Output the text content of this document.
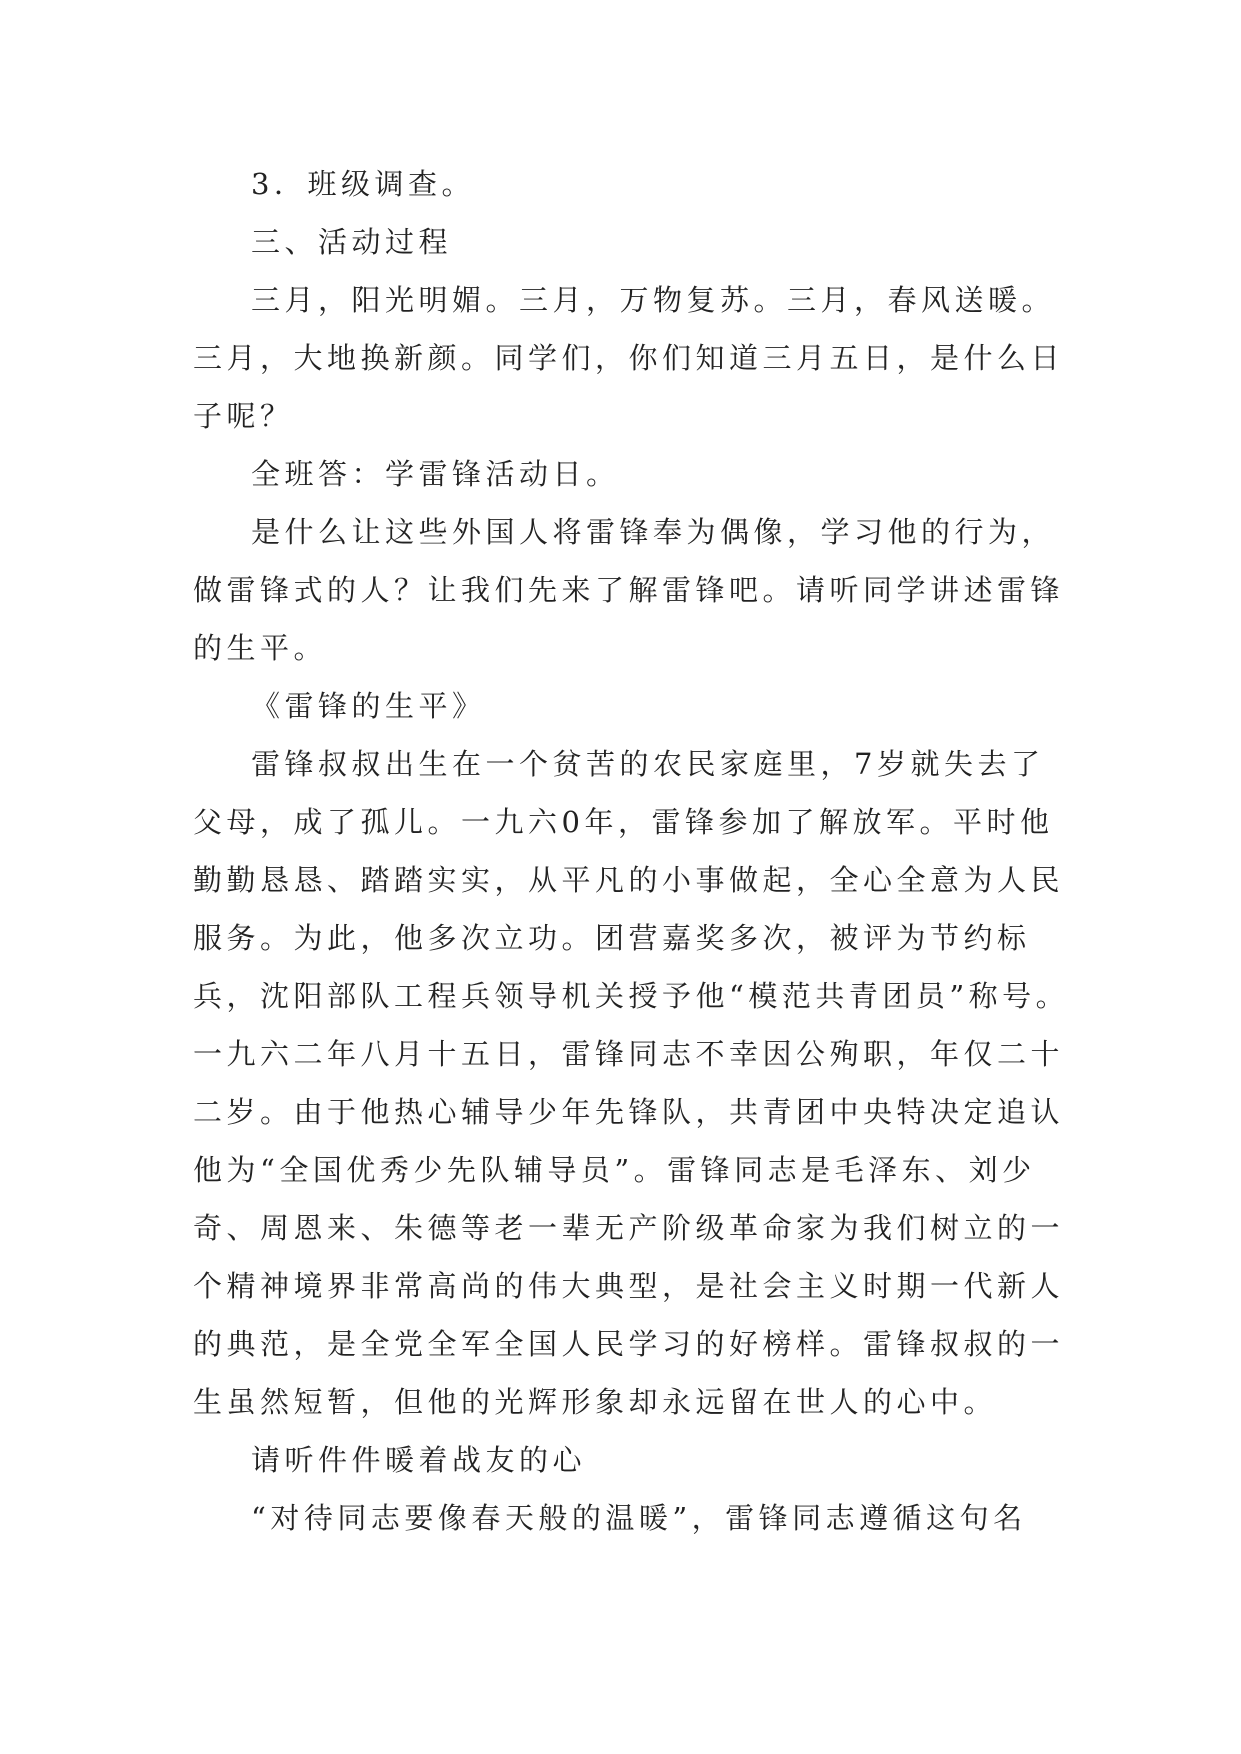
3．班级调查。

三、活动过程

三月，阳光明媚。三月，万物复苏。三月，春风送暖。三月，大地换新颜。同学们，你们知道三月五日，是什么日子呢？

全班答：学雷锋活动日。

是什么让这些外国人将雷锋奉为偶像，学习他的行为，做雷锋式的人？让我们先来了解雷锋吧。请听同学讲述雷锋的生平。

《雷锋的生平》

雷锋叔叔出生在一个贫苦的农民家庭里，7岁就失去了父母，成了孤儿。一九六0年，雷锋参加了解放军。平时他勤勤恳恳、踏踏实实，从平凡的小事做起，全心全意为人民服务。为此，他多次立功。团营嘉奖多次，被评为节约标兵，沈阳部队工程兵领导机关授予他“模范共青团员”称号。一九六二年八月十五日，雷锋同志不幸因公殉职，年仅二十二岁。由于他热心辅导少年先锋队，共青团中央特决定追认他为“全国优秀少先队辅导员”。雷锋同志是毛泽东、刘少奇、周恩来、朱德等老一辈无产阶级革命家为我们树立的一个精神境界非常高尚的伟大典型，是社会主义时期一代新人的典范，是全党全军全国人民学习的好榜样。雷锋叔叔的一生虽然短暂，但他的光辉形象却永远留在世人的心中。

请听件件暖着战友的心

“对待同志要像春天般的温暖”，雷锋同志遵循这句名
